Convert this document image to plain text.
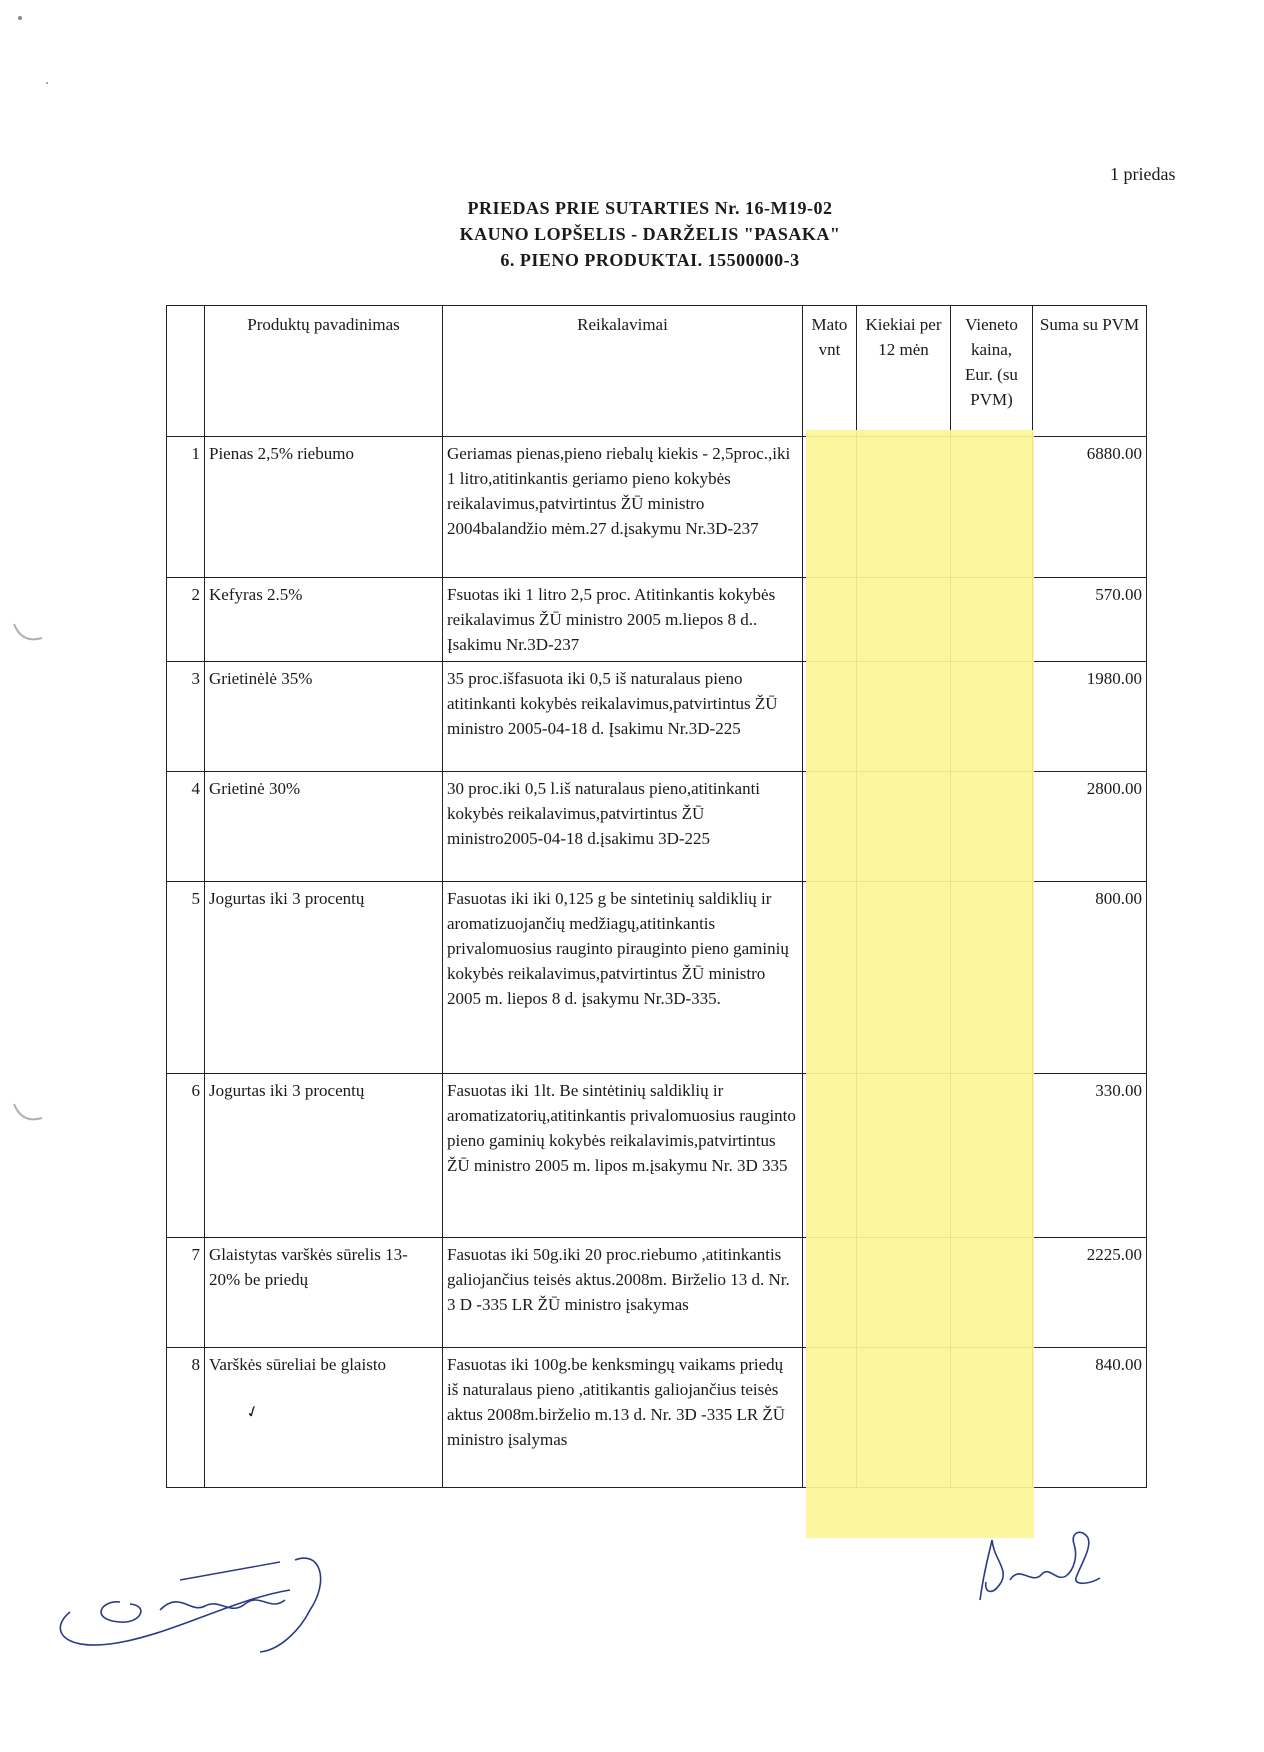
1 priedas
PRIEDAS PRIE SUTARTIES Nr. 16-M19-02
KAUNO LOPŠELIS - DARŽELIS "PASAKA"
6. PIENO PRODUKTAI. 15500000-3
	Produktų pavadinimas	Reikalavimai	Mato vnt	Kiekiai per 12 mėn	Vieneto kaina, Eur. (su PVM)	Suma su PVM
1	Pienas 2,5% riebumo	Geriamas pienas,pieno riebalų kiekis - 2,5proc.,iki 1 litro,atitinkantis geriamo pieno kokybės reikalavimus,patvirtintus ŽŪ ministro 2004balandžio mėm.27 d.įsakymu Nr.3D-237				6880.00
2	Kefyras 2.5%	Fsuotas iki 1 litro 2,5 proc. Atitinkantis kokybės reikalavimus ŽŪ ministro 2005 m.liepos 8 d.. Įsakimu Nr.3D-237				570.00
3	Grietinėlė 35%	35 proc.išfasuota iki 0,5 iš naturalaus pieno atitinkanti kokybės reikalavimus,patvirtintus ŽŪ ministro 2005-04-18 d. Įsakimu Nr.3D-225				1980.00
4	Grietinė 30%	30 proc.iki 0,5 l.iš naturalaus pieno,atitinkanti kokybės reikalavimus,patvirtintus ŽŪ ministro2005-04-18 d.įsakimu 3D-225				2800.00
5	Jogurtas iki 3 procentų	Fasuotas iki iki 0,125 g be sintetinių saldiklių ir aromatizuojančių medžiagų,atitinkantis privalomuosius rauginto pirauginto pieno gaminių kokybės reikalavimus,patvirtintus ŽŪ ministro 2005 m. liepos 8 d. įsakymu Nr.3D-335.				800.00
6	Jogurtas iki 3 procentų	Fasuotas iki 1lt. Be sintėtinių saldiklių ir aromatizatorių,atitinkantis privalomuosius rauginto pieno gaminių kokybės reikalavimis,patvirtintus ŽŪ ministro 2005 m. lipos m.įsakymu Nr. 3D 335				330.00
7	Glaistytas varškės sūrelis 13-20% be priedų	Fasuotas iki 50g.iki 20 proc.riebumo ,atitinkantis galiojančius teisės aktus.2008m. Birželio 13 d. Nr. 3 D -335 LR ŽŪ ministro įsakymas				2225.00
8	Varškės sūreliai be glaisto	Fasuotas iki 100g.be kenksmingų vaikams priedų iš naturalaus pieno ,atitikantis galiojančius teisės aktus 2008m.birželio m.13 d. Nr. 3D -335 LR ŽŪ ministro įsalymas				840.00
✓
